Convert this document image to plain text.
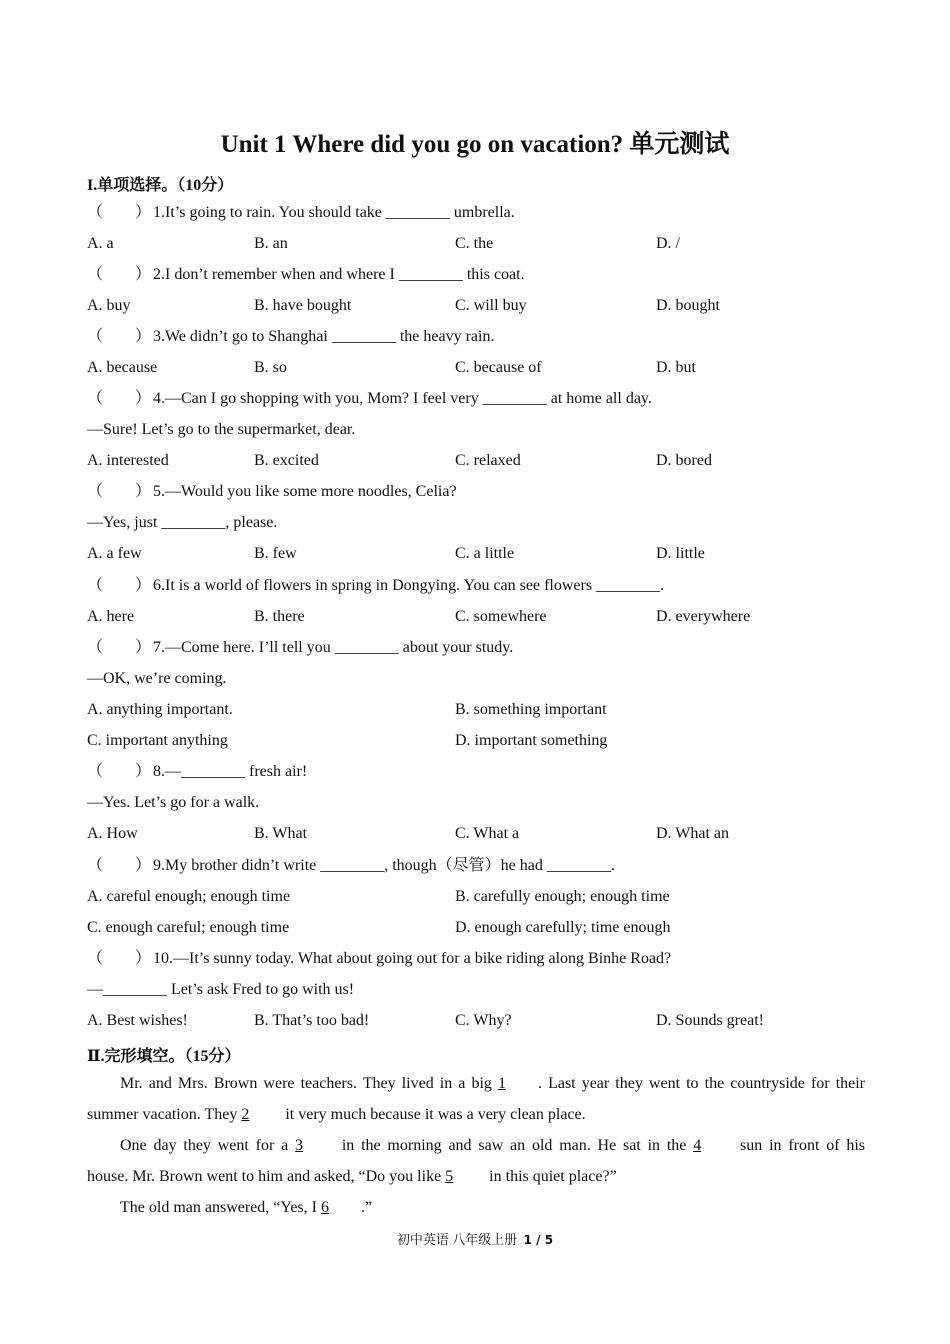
Unit 1 Where did you go on vacation? 单元测试
I.单项选择。（10分）
（　　） 1.It’s going to rain. You should take ________ umbrella.
A. a	B. an	C. the	D. /
（　　） 2.I don’t remember when and where I ________ this coat.
A. buy	B. have bought	C. will buy	D. bought
（　　） 3.We didn’t go to Shanghai ________ the heavy rain.
A. because	B. so	C. because of	D. but
（　　） 4.—Can I go shopping with you, Mom? I feel very ________ at home all day.
—Sure! Let’s go to the supermarket, dear.
A. interested	B. excited	C. relaxed	D. bored
（　　） 5.—Would you like some more noodles, Celia?
—Yes, just ________, please.
A. a few	B. few	C. a little	D. little
（　　） 6.It is a world of flowers in spring in Dongying. You can see flowers ________.
A. here	B. there	C. somewhere	D. everywhere
（　　） 7.—Come here. I’ll tell you ________ about your study.
—OK, we’re coming.
A. anything important.	B. something important
C. important anything	D. important something
（　　） 8.—________ fresh air!
—Yes. Let’s go for a walk.
A. How	B. What	C. What a	D. What an
（　　） 9.My brother didn’t write ________, though（尽管）he had ________.
A. careful enough; enough time	B. carefully enough; enough time
C. enough careful; enough time	D. enough carefully; time enough
（　　） 10.—It’s sunny today. What about going out for a bike riding along Binhe Road?
—________ Let’s ask Fred to go with us!
A. Best wishes!	B. That’s too bad!	C. Why?	D. Sounds great!
Ⅱ.完形填空。（15分）
Mr. and Mrs. Brown were teachers. They lived in a big 1 . Last year they went to the countryside for their
summer vacation. They 2 it very much because it was a very clean place.
One day they went for a 3 in the morning and saw an old man. He sat in the 4 sun in front of his
house. Mr. Brown went to him and asked, “Do you like 5 in this quiet place?”
The old man answered, “Yes, I 6 .”
初中英语 八年级上册 1 / 5
